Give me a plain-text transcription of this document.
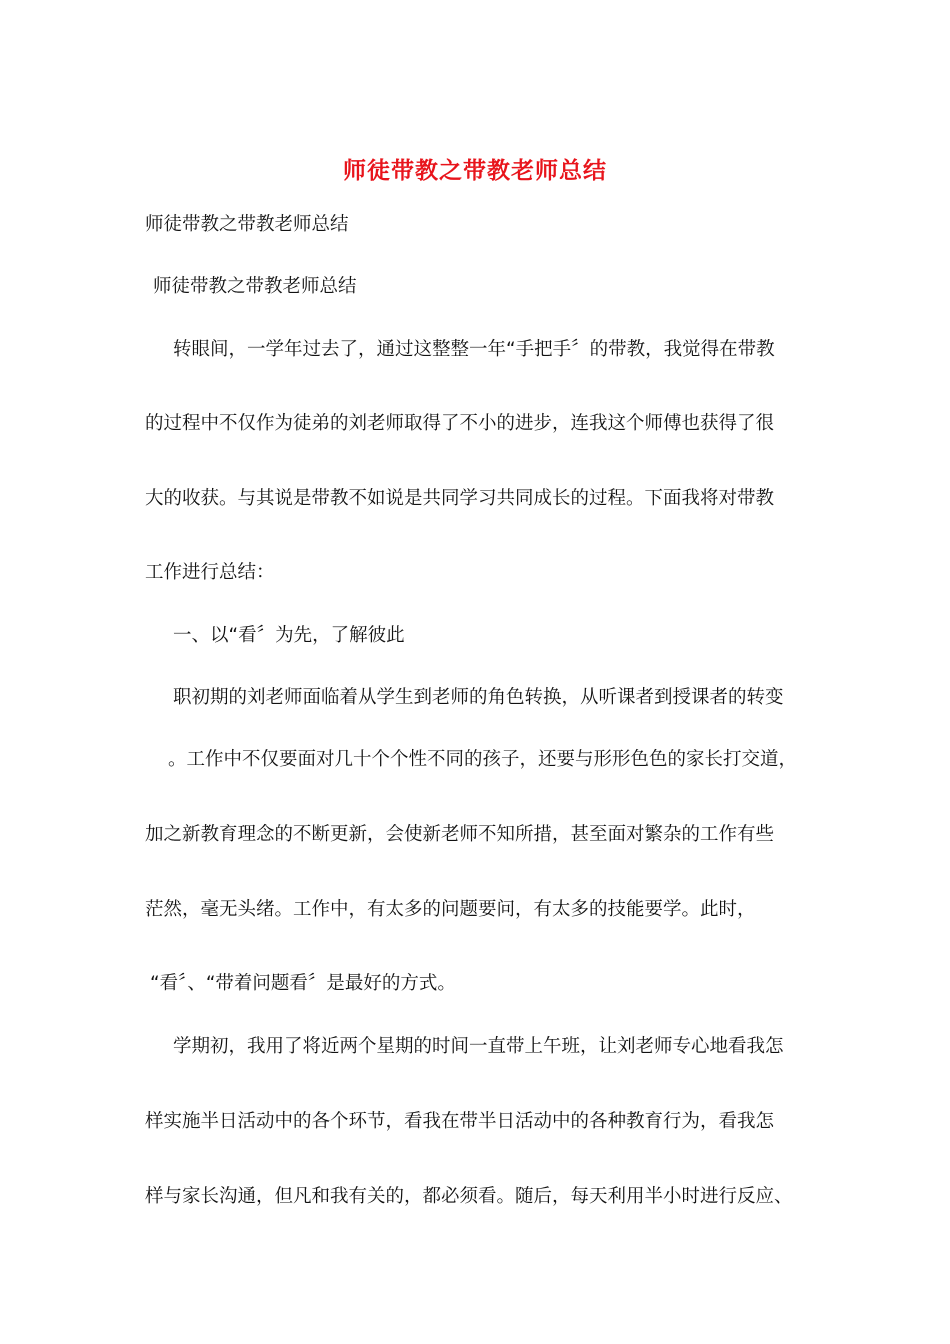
师徒带教之带教老师总结
师徒带教之带教老师总结
师徒带教之带教老师总结
转眼间，一学年过去了，通过这整整一年“手把手〞的带教，我觉得在带教
的过程中不仅作为徒弟的刘老师取得了不小的进步，连我这个师傅也获得了很
大的收获。与其说是带教不如说是共同学习共同成长的过程。下面我将对带教
工作进行总结：
一、以“看〞为先，了解彼此
职初期的刘老师面临着从学生到老师的角色转换，从听课者到授课者的转变
。工作中不仅要面对几十个个性不同的孩子，还要与形形色色的家长打交道，
加之新教育理念的不断更新，会使新老师不知所措，甚至面对繁杂的工作有些
茫然，毫无头绪。工作中，有太多的问题要问，有太多的技能要学。此时，
“看〞、“带着问题看〞是最好的方式。
学期初，我用了将近两个星期的时间一直带上午班，让刘老师专心地看我怎
样实施半日活动中的各个环节，看我在带半日活动中的各种教育行为，看我怎
样与家长沟通，但凡和我有关的，都必须看。随后，每天利用半小时进行反应、
